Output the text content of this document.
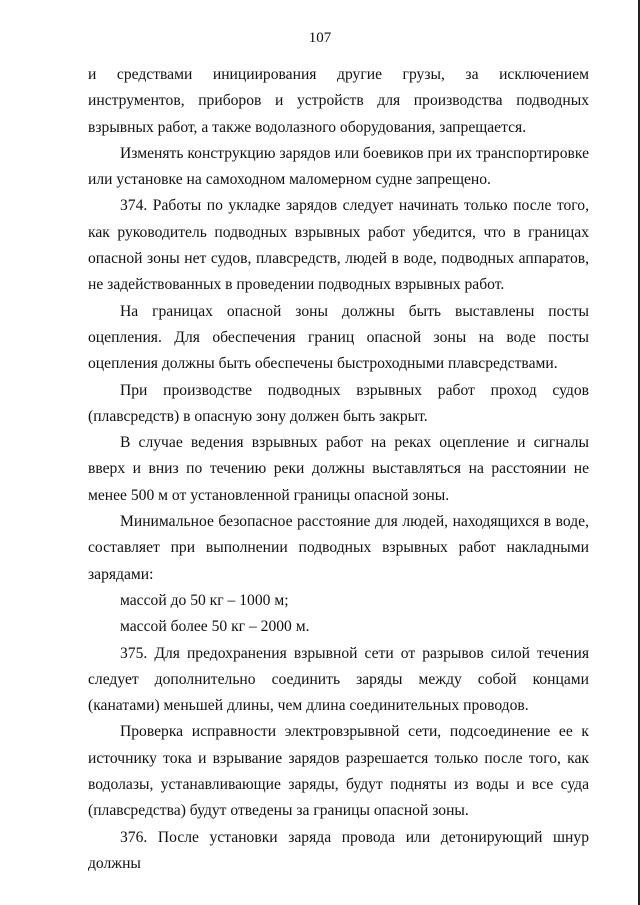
107

и средствами инициирования другие грузы, за исключением инструментов, приборов и устройств для производства подводных взрывных работ, а также водолазного оборудования, запрещается.

Изменять конструкцию зарядов или боевиков при их транспортировке или установке на самоходном маломерном судне запрещено.

374. Работы по укладке зарядов следует начинать только после того, как руководитель подводных взрывных работ убедится, что в границах опасной зоны нет судов, плавсредств, людей в воде, подводных аппаратов, не задействованных в проведении подводных взрывных работ.

На границах опасной зоны должны быть выставлены посты оцепления. Для обеспечения границ опасной зоны на воде посты оцепления должны быть обеспечены быстроходными плавсредствами.

При производстве подводных взрывных работ проход судов (плавсредств) в опасную зону должен быть закрыт.

В случае ведения взрывных работ на реках оцепление и сигналы вверх и вниз по течению реки должны выставляться на расстоянии не менее 500 м от установленной границы опасной зоны.

Минимальное безопасное расстояние для людей, находящихся в воде, составляет при выполнении подводных взрывных работ накладными зарядами:

массой до 50 кг – 1000 м;

массой более 50 кг – 2000 м.

375. Для предохранения взрывной сети от разрывов силой течения следует дополнительно соединить заряды между собой концами (канатами) меньшей длины, чем длина соединительных проводов.

Проверка исправности электровзрывной сети, подсоединение ее к источнику тока и взрывание зарядов разрешается только после того, как водолазы, устанавливающие заряды, будут подняты из воды и все суда (плавсредства) будут отведены за границы опасной зоны.

376. После установки заряда провода или детонирующий шнур должны
